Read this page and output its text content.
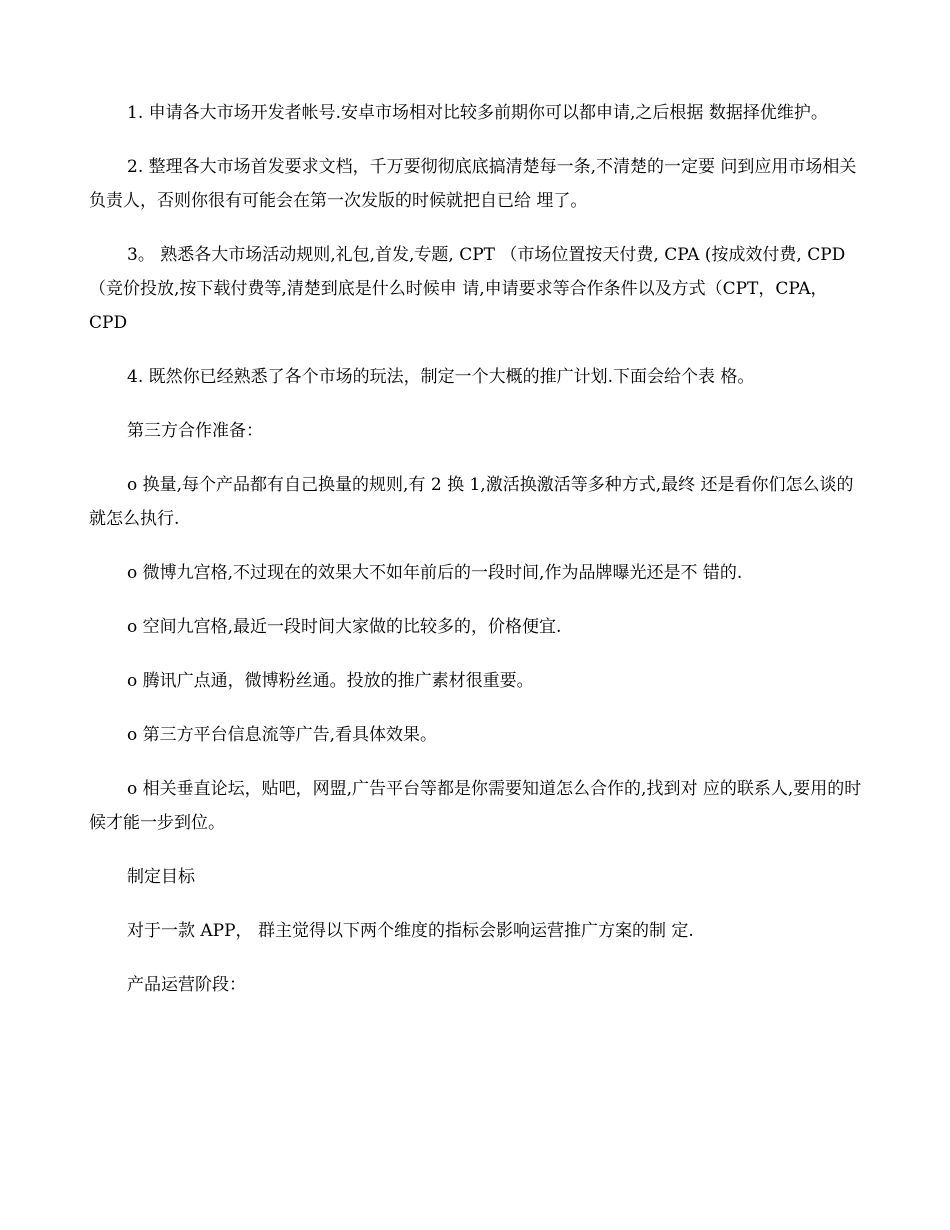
1. 申请各大市场开发者帐号.安卓市场相对比较多前期你可以都申请,之后根据 数据择优维护。

2. 整理各大市场首发要求文档，千万要彻彻底底搞清楚每一条,不清楚的一定要 问到应用市场相关负责人，否则你很有可能会在第一次发版的时候就把自已给 埋了。

3。 熟悉各大市场活动规则,礼包,首发,专题, CPT （市场位置按天付费, CPA (按成效付费, CPD （竞价投放,按下载付费等,清楚到底是什么时候申 请,申请要求等合作条件以及方式（CPT，CPA，CPD

4. 既然你已经熟悉了各个市场的玩法，制定一个大概的推广计划.下面会给个表 格。

第三方合作准备：

o 换量,每个产品都有自己换量的规则,有 2 换 1,激活换激活等多种方式,最终 还是看你们怎么谈的就怎么执行.

o 微博九宫格,不过现在的效果大不如年前后的一段时间,作为品牌曝光还是不 错的.

o 空间九宫格,最近一段时间大家做的比较多的，价格便宜.

o 腾讯广点通，微博粉丝通。投放的推广素材很重要。

o 第三方平台信息流等广告,看具体效果。

o 相关垂直论坛，贴吧，网盟,广告平台等都是你需要知道怎么合作的,找到对 应的联系人,要用的时候才能一步到位。

制定目标

对于一款 APP， 群主觉得以下两个维度的指标会影响运营推广方案的制 定.

产品运营阶段：
